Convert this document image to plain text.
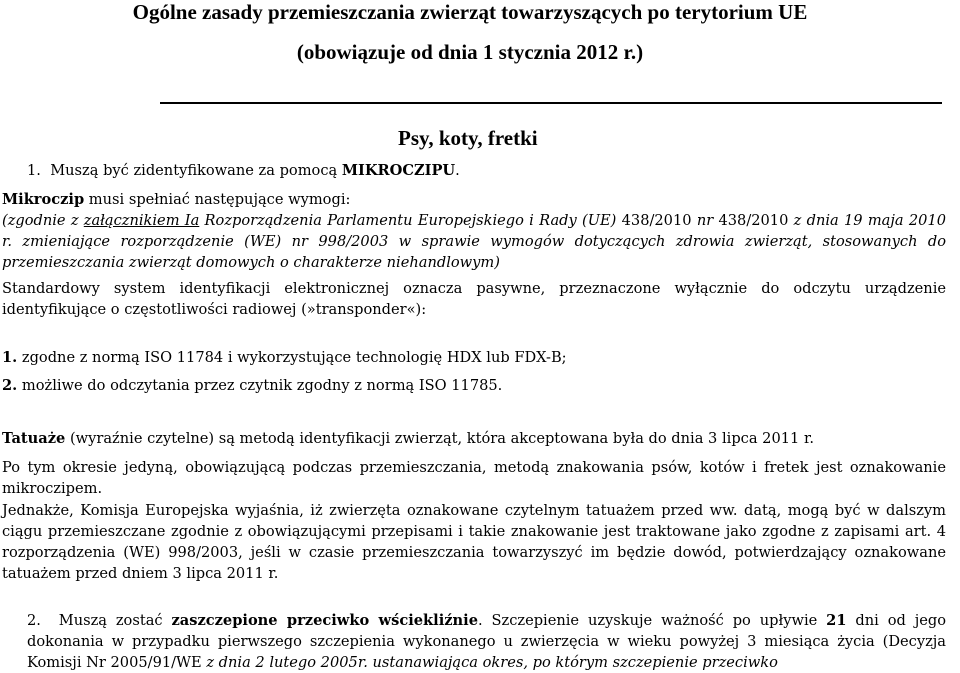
Ogólne zasady przemieszczania zwierząt towarzyszących po terytorium UE
(obowiązuje od dnia 1 stycznia 2012 r.)
Psy, koty, fretki

1. Muszą być zidentyfikowane za pomocą MIKROCZIPU.

Mikroczip musi spełniać następujące wymogi:

(zgodnie z załącznikiem Ia Rozporządzenia Parlamentu Europejskiego i Rady (UE) 438/2010 nr 438/2010 z dnia 19 maja 2010 r. zmieniające rozporządzenie (WE) nr 998/2003 w sprawie wymogów dotyczących zdrowia zwierząt, stosowanych do przemieszczania zwierząt domowych o charakterze niehandlowym)

Standardowy system identyfikacji elektronicznej oznacza pasywne, przeznaczone wyłącznie do odczytu urządzenie identyfikujące o częstotliwości radiowej (»transponder«):

1. zgodne z normą ISO 11784 i wykorzystujące technologię HDX lub FDX-B;

2. możliwe do odczytania przez czytnik zgodny z normą ISO 11785.

Tatuaże (wyraźnie czytelne) są metodą identyfikacji zwierząt, która akceptowana była do dnia 3 lipca 2011 r.

Po tym okresie jedyną, obowiązującą podczas przemieszczania, metodą znakowania psów, kotów i fretek jest oznakowanie mikroczipem.

Jednakże, Komisja Europejska wyjaśnia, iż zwierzęta oznakowane czytelnym tatuażem przed ww. datą, mogą być w dalszym ciągu przemieszczane zgodnie z obowiązującymi przepisami i takie znakowanie jest traktowane jako zgodne z zapisami art. 4 rozporządzenia (WE) 998/2003, jeśli w czasie przemieszczania towarzyszyć im będzie dowód, potwierdzający oznakowane tatuażem przed dniem 3 lipca 2011 r.

2. Muszą zostać zaszczepione przeciwko wściekliźnie. Szczepienie uzyskuje ważność po upływie 21 dni od jego dokonania w przypadku pierwszego szczepienia wykonanego u zwierzęcia w wieku powyżej 3 miesiąca życia (Decyzja Komisji Nr 2005/91/WE z dnia 2 lutego 2005r. ustanawiająca okres, po którym szczepienie przeciwko
